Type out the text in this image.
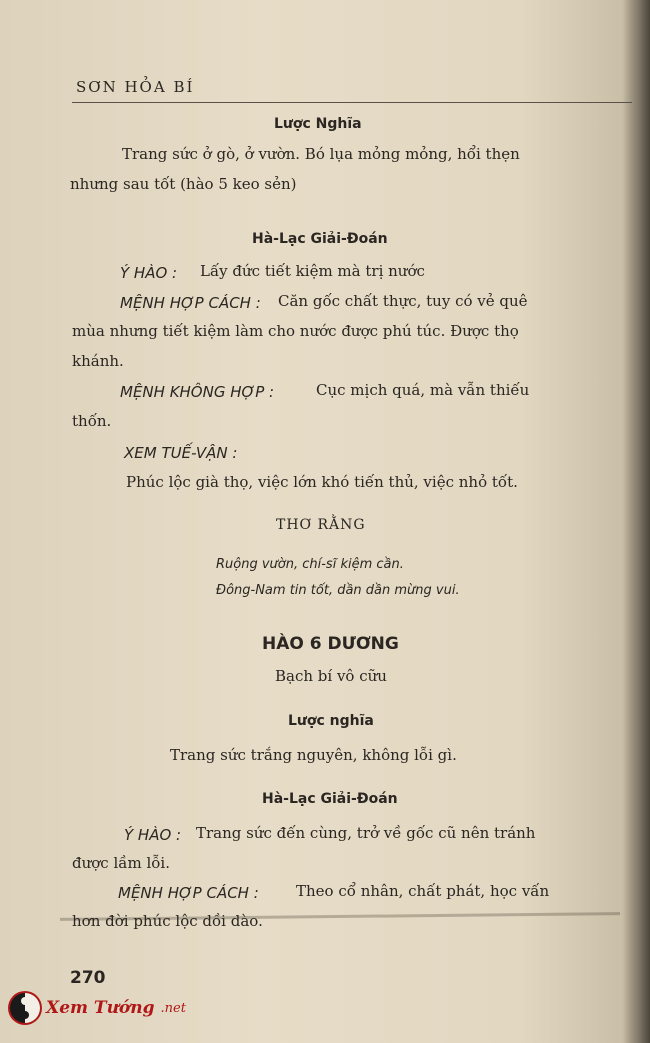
SƠN HỎA BÍ
Lược Nghĩa
Trang sức ở gò, ở vườn. Bó lụa mỏng mỏng, hổi thẹn
nhưng sau tốt (hào 5 keo sẻn)
Hà-Lạc Giải-Đoán
Ý HÀO : Lấy đức tiết kiệm mà trị nước
MỆNH HỢP CÁCH : Căn gốc chất thực, tuy có vẻ quê
mùa nhưng tiết kiệm làm cho nước được phú túc. Được thọ
khánh.
MỆNH KHÔNG HỢP :	Cục mịch quá, mà vẫn thiếu
thốn.
XEM TUẾ-VẬN :
Phúc lộc già thọ, việc lớn khó tiến thủ, việc nhỏ tốt.
THƠ RẰNG
Ruộng vườn, chí-sĩ kiệm cần.
Đông-Nam tin tốt, dần dần mừng vui.
HÀO 6 DƯƠNG
Bạch bí vô cữu
Lược nghĩa
Trang sức trắng nguyên, không lỗi gì.
Hà-Lạc Giải-Đoán
Ý HÀO : Trang sức đến cùng, trở về gốc cũ nên tránh
được lầm lỗi.
MỆNH HỢP CÁCH : Theo cổ nhân, chất phát, học vấn
hơn đời phúc lộc dồi dào.
270
Xem Tướng .net
